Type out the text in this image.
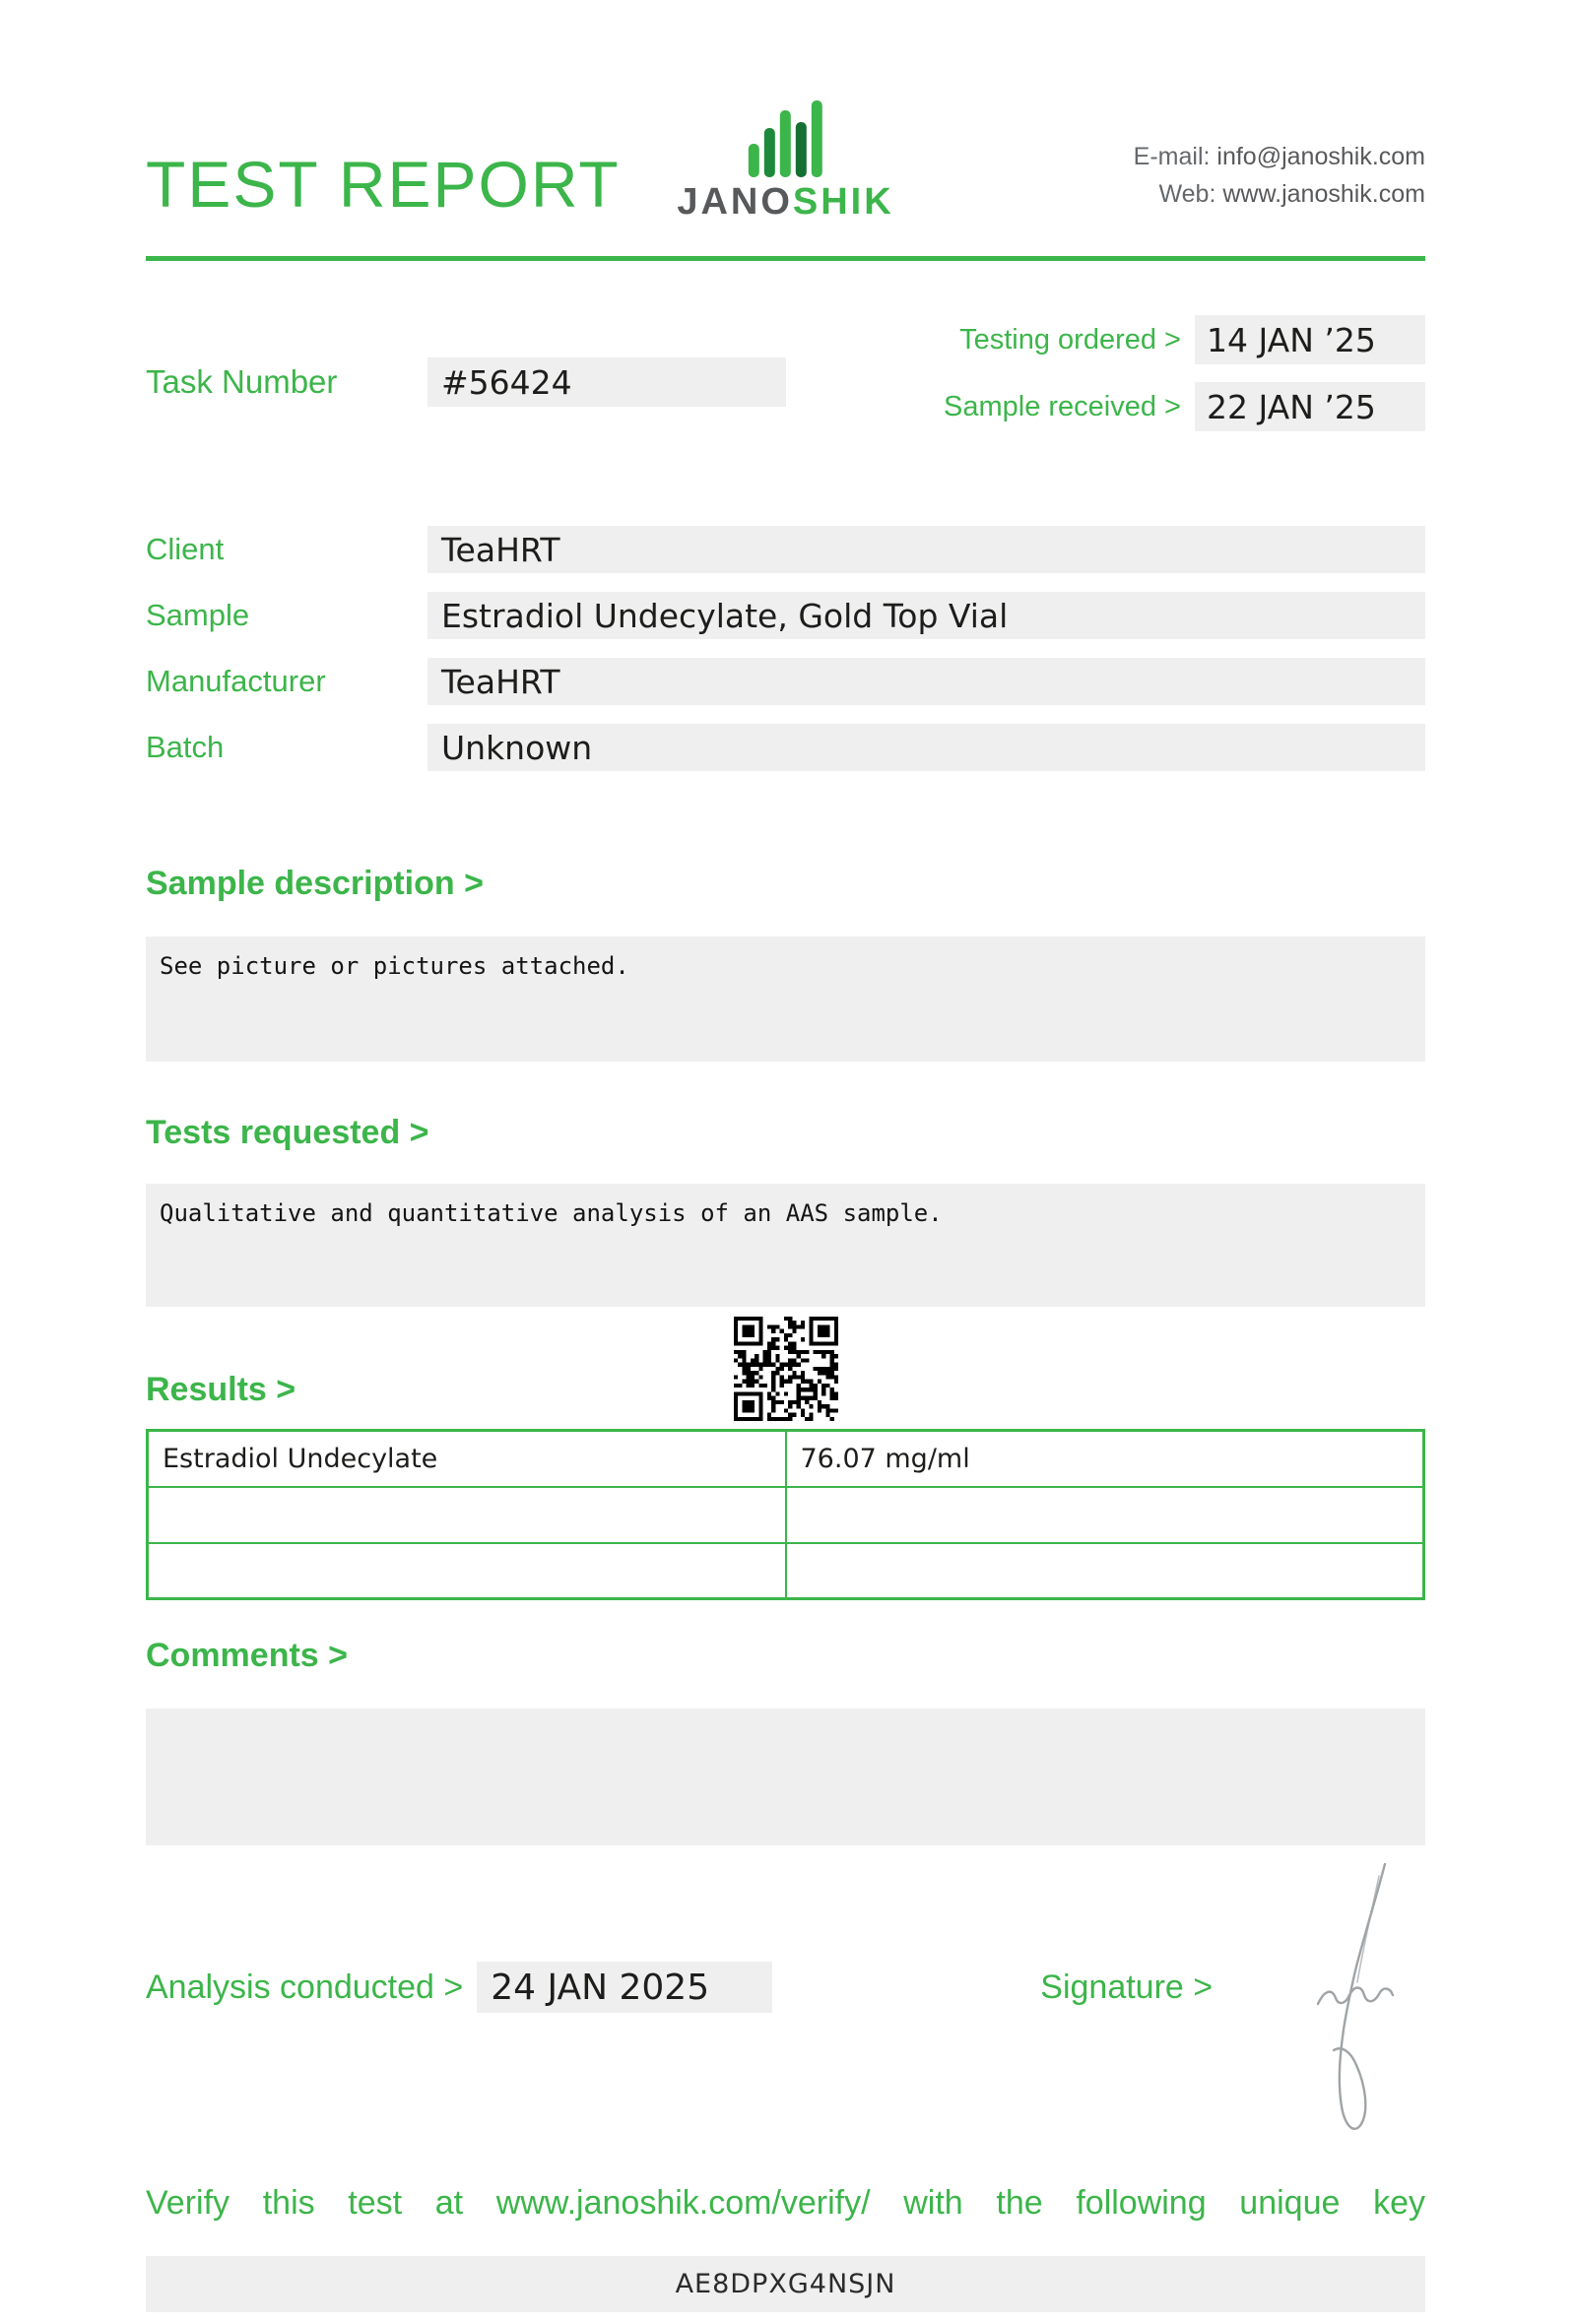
TEST REPORT JANOSHIK
E-mail: info@janoshik.com
Web: www.janoshik.com
Task Number	#56424
Testing ordered > 14 JAN ’25
Sample received > 22 JAN ’25
Client	TeaHRT
Sample	Estradiol Undecylate, Gold Top Vial
Manufacturer	TeaHRT
Batch	Unknown
Sample description >
See picture or pictures attached.
Tests requested >
Qualitative and quantitative analysis of an AAS sample.
Results >
Estradiol Undecylate	76.07 mg/ml

Comments >
Analysis conducted > 24 JAN 2025	Signature >
Verify this test at www.janoshik.com/verify/ with the following unique key
AE8DPXG4NSJN
